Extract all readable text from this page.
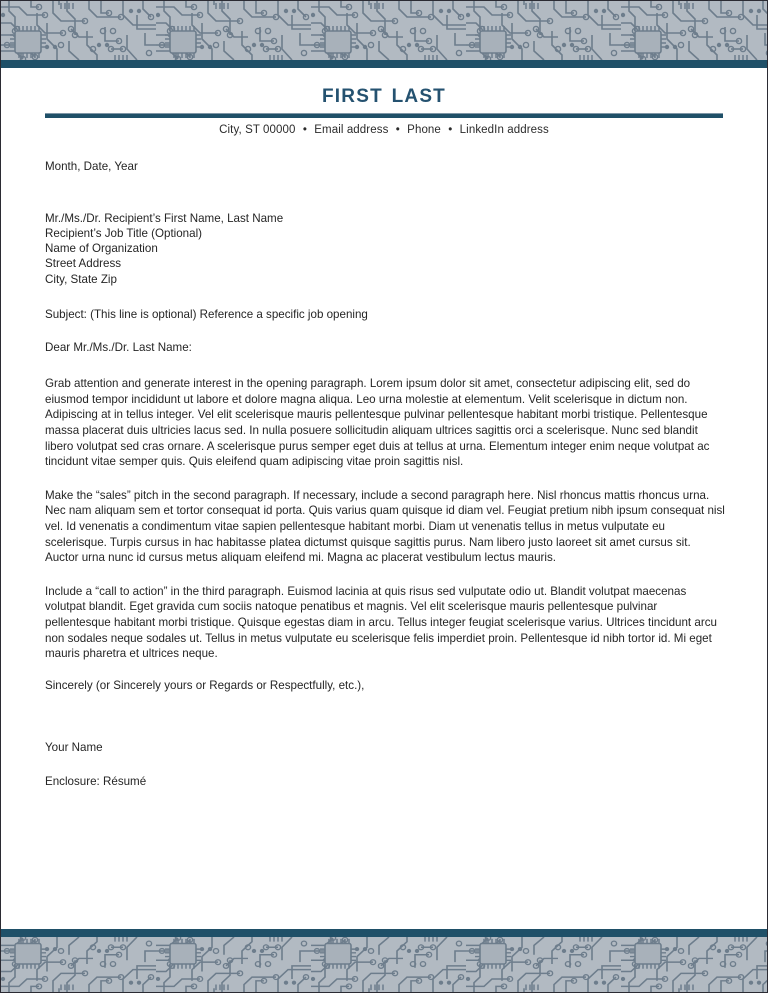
first last
City, ST 00000 • Email address • Phone • LinkedIn address

Month, Date, Year

Mr./Ms./Dr. Recipient’s First Name, Last Name

Recipient’s Job Title (Optional)

Name of Organization

Street Address

City, State Zip

Subject: (This line is optional) Reference a specific job opening

Dear Mr./Ms./Dr. Last Name:

Grab attention and generate interest in the opening paragraph. Lorem ipsum dolor sit amet, consectetur adipiscing elit, sed do eiusmod tempor incididunt ut labore et dolore magna aliqua. Leo urna molestie at elementum. Velit scelerisque in dictum non. Adipiscing at in tellus integer. Vel elit scelerisque mauris pellentesque pulvinar pellentesque habitant morbi tristique. Pellentesque massa placerat duis ultricies lacus sed. In nulla posuere sollicitudin aliquam ultrices sagittis orci a scelerisque. Nunc sed blandit libero volutpat sed cras ornare. A scelerisque purus semper eget duis at tellus at urna. Elementum integer enim neque volutpat ac tincidunt vitae semper quis. Quis eleifend quam adipiscing vitae proin sagittis nisl.

Make the “sales” pitch in the second paragraph. If necessary, include a second paragraph here. Nisl rhoncus mattis rhoncus urna. Nec nam aliquam sem et tortor consequat id porta. Quis varius quam quisque id diam vel. Feugiat pretium nibh ipsum consequat nisl vel. Id venenatis a condimentum vitae sapien pellentesque habitant morbi. Diam ut venenatis tellus in metus vulputate eu scelerisque. Turpis cursus in hac habitasse platea dictumst quisque sagittis purus. Nam libero justo laoreet sit amet cursus sit. Auctor urna nunc id cursus metus aliquam eleifend mi. Magna ac placerat vestibulum lectus mauris.

Include a “call to action” in the third paragraph. Euismod lacinia at quis risus sed vulputate odio ut. Blandit volutpat maecenas volutpat blandit. Eget gravida cum sociis natoque penatibus et magnis. Vel elit scelerisque mauris pellentesque pulvinar pellentesque habitant morbi tristique. Quisque egestas diam in arcu. Tellus integer feugiat scelerisque varius. Ultrices tincidunt arcu non sodales neque sodales ut. Tellus in metus vulputate eu scelerisque felis imperdiet proin. Pellentesque id nibh tortor id. Mi eget mauris pharetra et ultrices neque.

Sincerely (or Sincerely yours or Regards or Respectfully, etc.),

Your Name

Enclosure: Résumé
